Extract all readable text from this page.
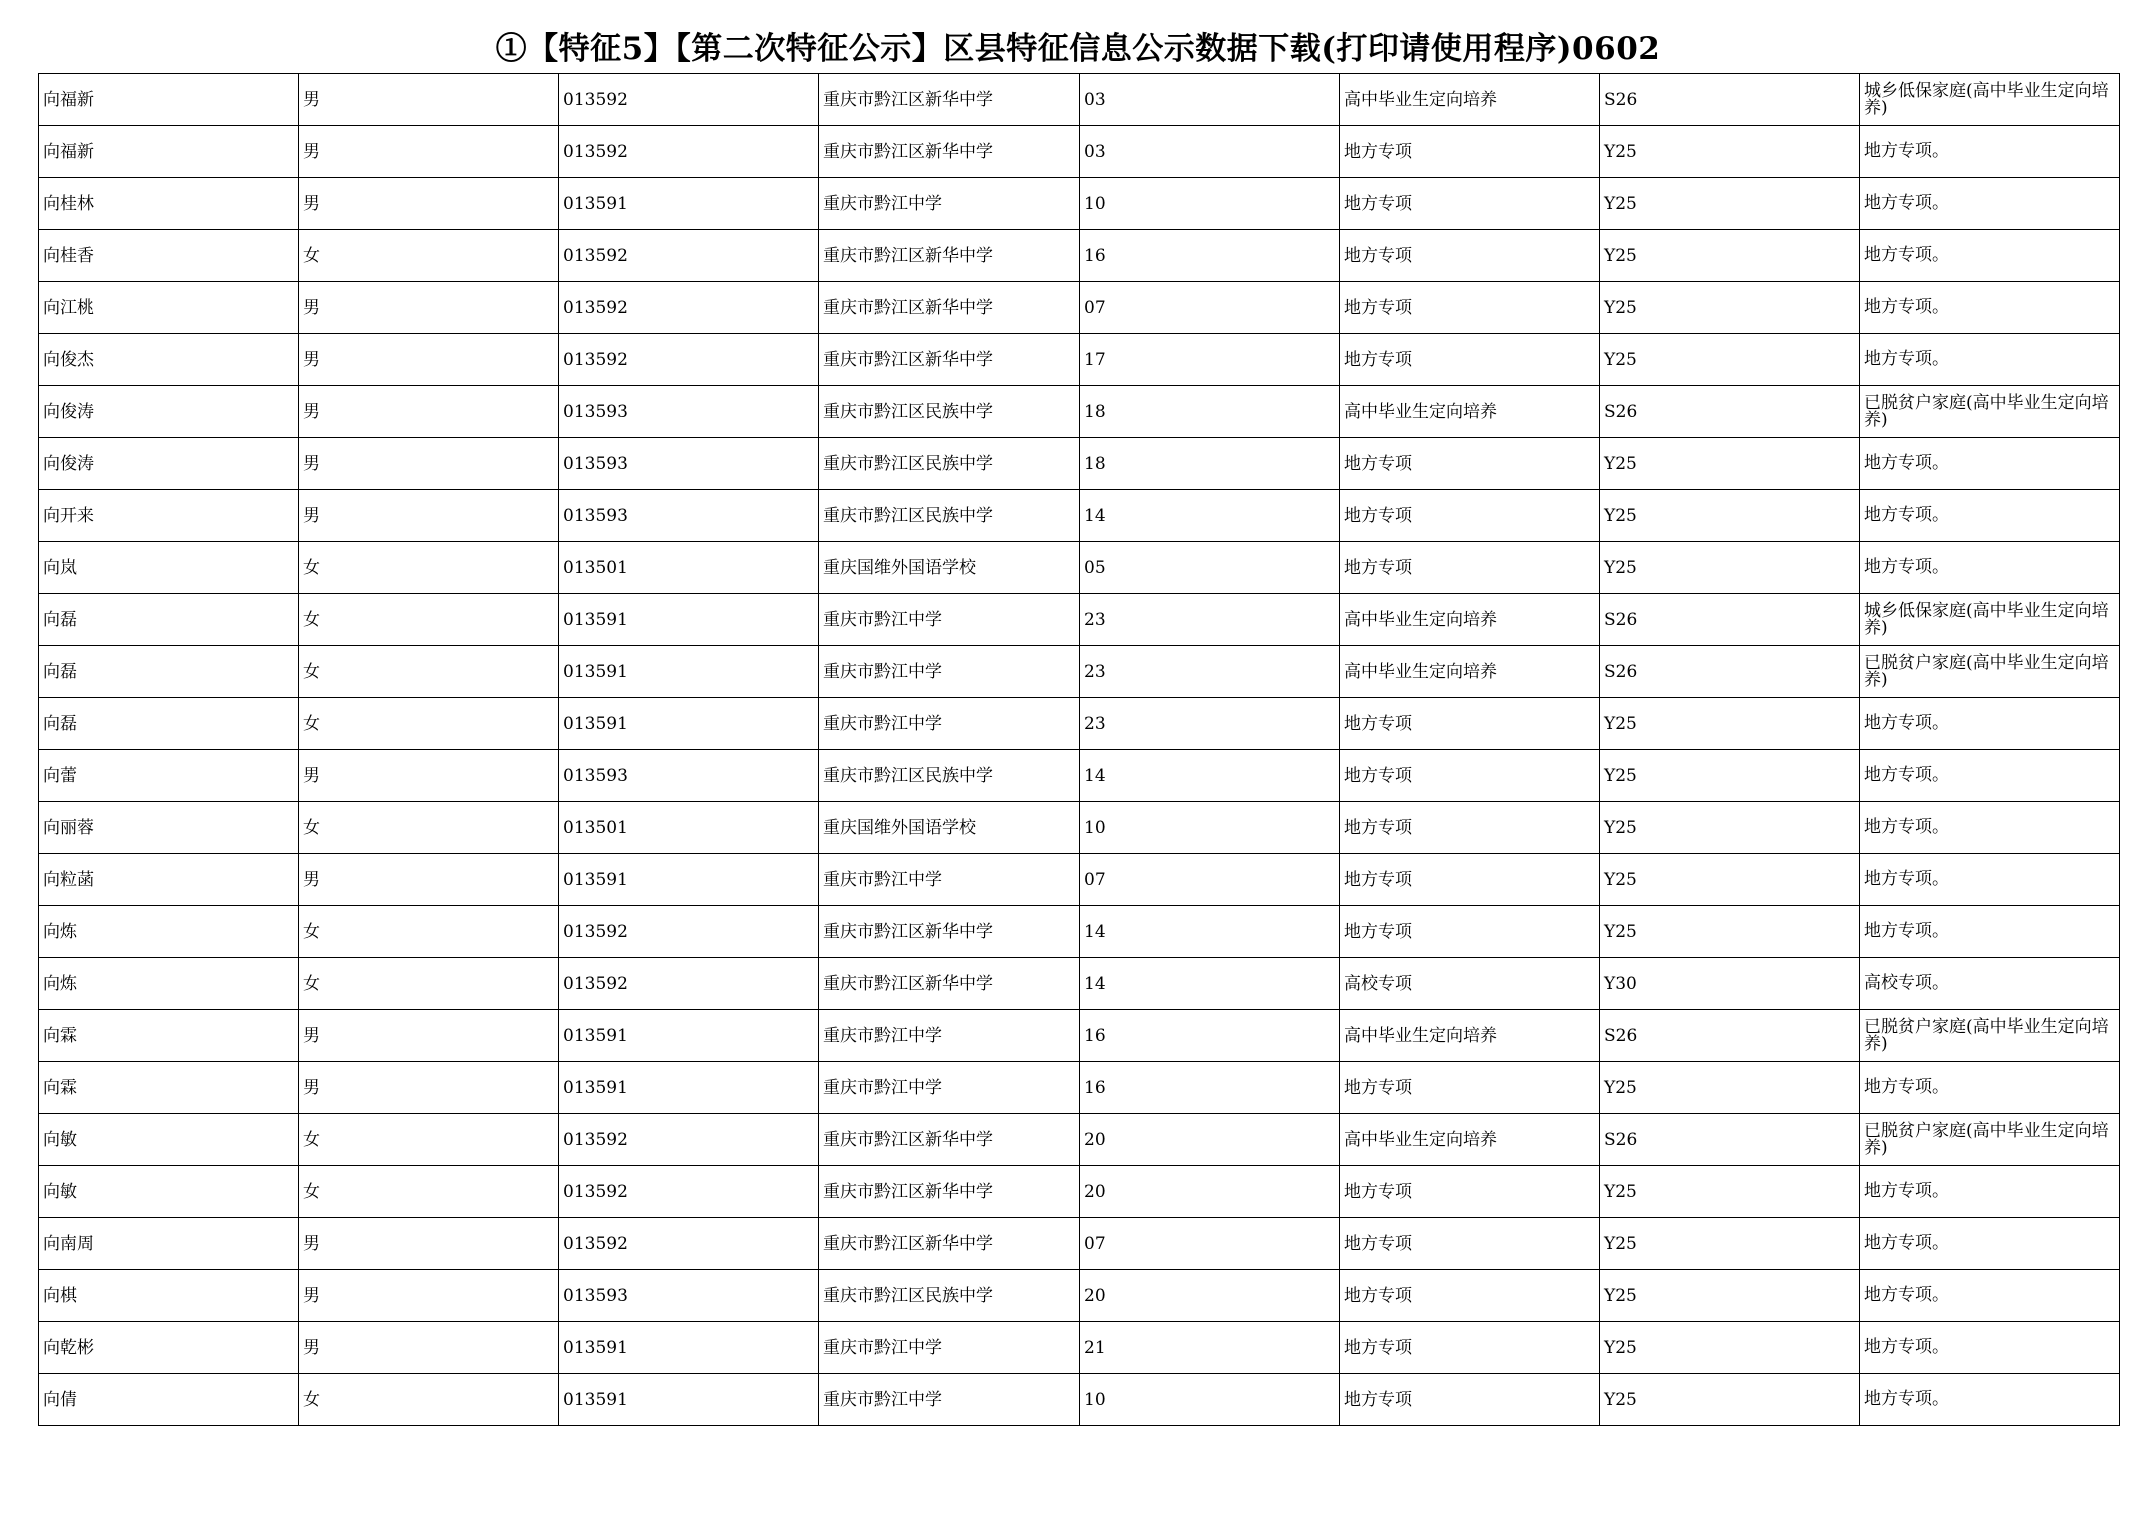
①【特征5】【第二次特征公示】区县特征信息公示数据下载(打印请使用程序)0602
向福新	男	013592	重庆市黔江区新华中学	03	高中毕业生定向培养	S26	城乡低保家庭(高中毕业生定向培养)
向福新	男	013592	重庆市黔江区新华中学	03	地方专项	Y25	地方专项。
向桂林	男	013591	重庆市黔江中学	10	地方专项	Y25	地方专项。
向桂香	女	013592	重庆市黔江区新华中学	16	地方专项	Y25	地方专项。
向江桃	男	013592	重庆市黔江区新华中学	07	地方专项	Y25	地方专项。
向俊杰	男	013592	重庆市黔江区新华中学	17	地方专项	Y25	地方专项。
向俊涛	男	013593	重庆市黔江区民族中学	18	高中毕业生定向培养	S26	已脱贫户家庭(高中毕业生定向培养)
向俊涛	男	013593	重庆市黔江区民族中学	18	地方专项	Y25	地方专项。
向开来	男	013593	重庆市黔江区民族中学	14	地方专项	Y25	地方专项。
向岚	女	013501	重庆国维外国语学校	05	地方专项	Y25	地方专项。
向磊	女	013591	重庆市黔江中学	23	高中毕业生定向培养	S26	城乡低保家庭(高中毕业生定向培养)
向磊	女	013591	重庆市黔江中学	23	高中毕业生定向培养	S26	已脱贫户家庭(高中毕业生定向培养)
向磊	女	013591	重庆市黔江中学	23	地方专项	Y25	地方专项。
向蕾	男	013593	重庆市黔江区民族中学	14	地方专项	Y25	地方专项。
向丽蓉	女	013501	重庆国维外国语学校	10	地方专项	Y25	地方专项。
向粒菡	男	013591	重庆市黔江中学	07	地方专项	Y25	地方专项。
向炼	女	013592	重庆市黔江区新华中学	14	地方专项	Y25	地方专项。
向炼	女	013592	重庆市黔江区新华中学	14	高校专项	Y30	高校专项。
向霖	男	013591	重庆市黔江中学	16	高中毕业生定向培养	S26	已脱贫户家庭(高中毕业生定向培养)
向霖	男	013591	重庆市黔江中学	16	地方专项	Y25	地方专项。
向敏	女	013592	重庆市黔江区新华中学	20	高中毕业生定向培养	S26	已脱贫户家庭(高中毕业生定向培养)
向敏	女	013592	重庆市黔江区新华中学	20	地方专项	Y25	地方专项。
向南周	男	013592	重庆市黔江区新华中学	07	地方专项	Y25	地方专项。
向棋	男	013593	重庆市黔江区民族中学	20	地方专项	Y25	地方专项。
向乾彬	男	013591	重庆市黔江中学	21	地方专项	Y25	地方专项。
向倩	女	013591	重庆市黔江中学	10	地方专项	Y25	地方专项。
